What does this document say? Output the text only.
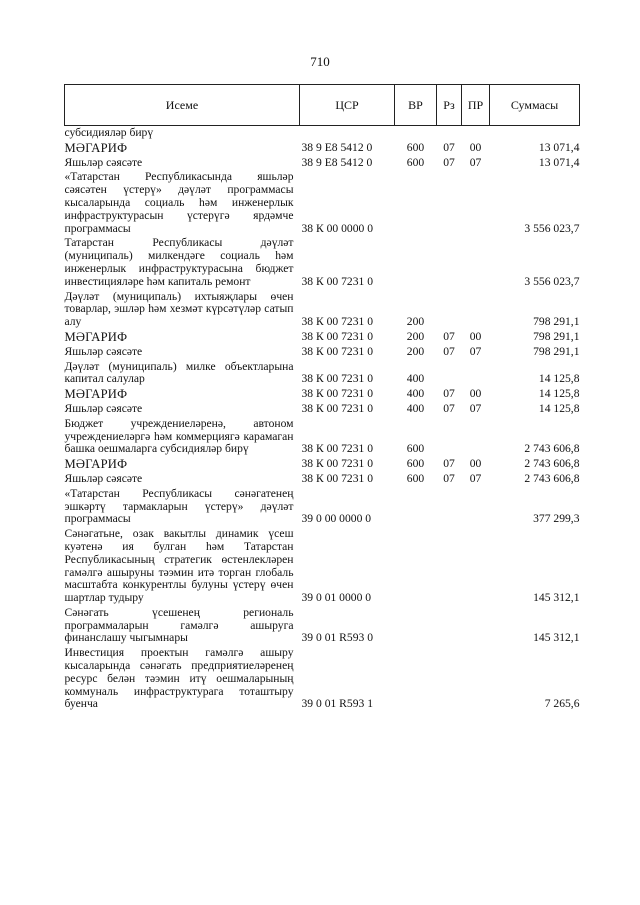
710
Исеме	ЦСР	ВР	Рз	ПР	Суммасы
субсидияләр бирү					
МӘГАРИФ	38 9 E8 5412 0	600	07	00	13 071,4
Яшьләр сәясәте	38 9 E8 5412 0	600	07	07	13 071,4
«Татарстан Республикасында яшьләр сәясәтен үстерү» дәүләт программасы кысаларында социаль һәм инженерлык инфраструктурасын үстерүгә ярдәмче программасы	38 К 00 0000 0				3 556 023,7
Татарстан Республикасы дәүләт (муниципаль) милкендәге социаль һәм инженерлык инфраструктурасына бюджет инвестицияләре һәм капиталь ремонт	38 К 00 7231 0				3 556 023,7
Дәүләт (муниципаль) ихтыяҗлары өчен товарлар, эшләр һәм хезмәт күрсәтүләр сатып алу	38 К 00 7231 0	200			798 291,1
МӘГАРИФ	38 К 00 7231 0	200	07	00	798 291,1
Яшьләр сәясәте	38 К 00 7231 0	200	07	07	798 291,1
Дәүләт (муниципаль) милке объектларына капитал салулар	38 К 00 7231 0	400			14 125,8
МӘГАРИФ	38 К 00 7231 0	400	07	00	14 125,8
Яшьләр сәясәте	38 К 00 7231 0	400	07	07	14 125,8
Бюджет учреждениеләренә, автоном учреждениеләргә һәм коммерциягә карамаган башка оешмаларга субсидияләр бирү	38 К 00 7231 0	600			2 743 606,8
МӘГАРИФ	38 К 00 7231 0	600	07	00	2 743 606,8
Яшьләр сәясәте	38 К 00 7231 0	600	07	07	2 743 606,8
«Татарстан Республикасы сәнәгатенең эшкәртү тармакларын үстерү» дәүләт программасы	39 0 00 0000 0				377 299,3
Сәнәгатьне, озак вакытлы динамик үсеш куәтенә ия булган һәм Татарстан Республикасының стратегик өстенлекләрен гамәлгә ашыруны тәэмин итә торган глобаль масштабта конкурентлы булуны үстерү өчен шартлар тудыру	39 0 01 0000 0				145 312,1
Сәнәгать үсешенең региональ программаларын гамәлгә ашыруга финанслашу чыгымнары	39 0 01 R593 0				145 312,1
Инвестиция проектын гамәлгә ашыру кысаларында сәнәгать предприятиеләренең ресурс белән тәэмин итү оешмаларының коммуналь инфраструктурага тоташтыру буенча	39 0 01 R593 1				7 265,6
